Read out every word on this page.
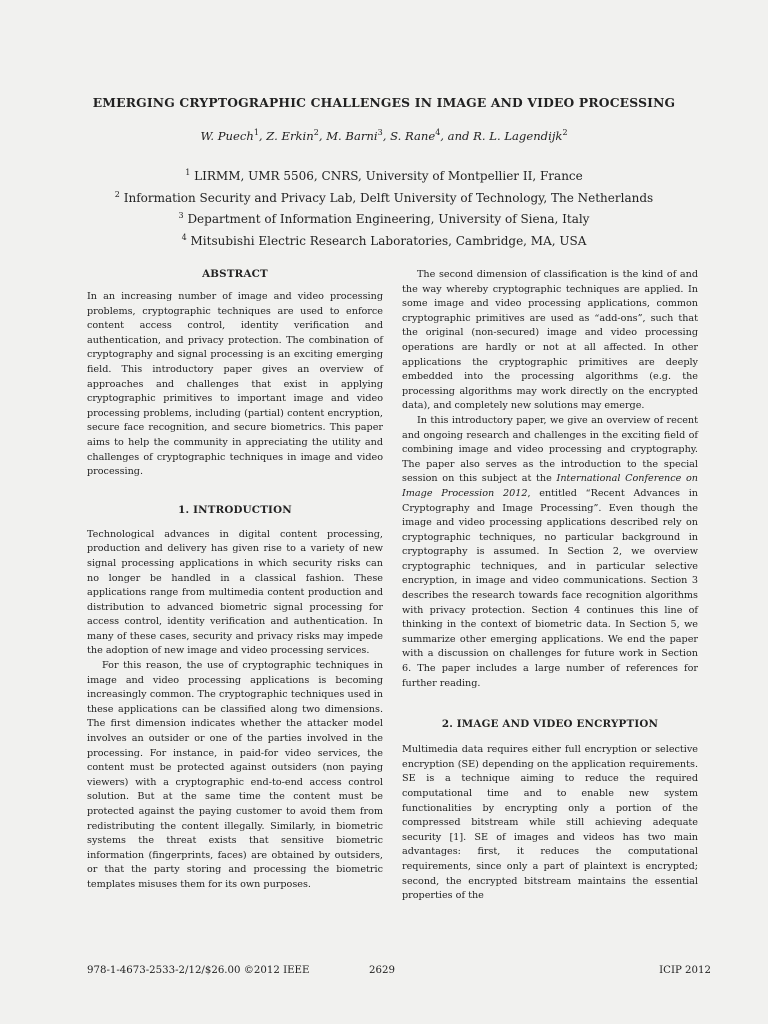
EMERGING CRYPTOGRAPHIC CHALLENGES IN IMAGE AND VIDEO PROCESSING
W. Puech$^1$, Z. Erkin$^2$, M. Barni$^3$, S. Rane$^4$, and R. L. Lagendijk$^2$
$^1$ LIRMM, UMR 5506, CNRS, University of Montpellier II, France
$^2$ Information Security and Privacy Lab, Delft University of Technology, The Netherlands
$^3$ Department of Information Engineering, University of Siena, Italy
$^4$ Mitsubishi Electric Research Laboratories, Cambridge, MA, USA
ABSTRACT

In an increasing number of image and video processing problems, cryptographic techniques are used to enforce content access control, identity verification and authentication, and privacy protection. The combination of cryptography and signal processing is an exciting emerging field. This introductory paper gives an overview of approaches and challenges that exist in applying cryptographic primitives to important image and video processing problems, including (partial) content encryption, secure face recognition, and secure biometrics. This paper aims to help the community in appreciating the utility and challenges of cryptographic techniques in image and video processing.

1. INTRODUCTION

Technological advances in digital content processing, production and delivery has given rise to a variety of new signal processing applications in which security risks can no longer be handled in a classical fashion. These applications range from multimedia content production and distribution to advanced biometric signal processing for access control, identity verification and authentication. In many of these cases, security and privacy risks may impede the adoption of new image and video processing services.

For this reason, the use of cryptographic techniques in image and video processing applications is becoming increasingly common. The cryptographic techniques used in these applications can be classified along two dimensions. The first dimension indicates whether the attacker model involves an outsider or one of the parties involved in the processing. For instance, in paid-for video services, the content must be protected against outsiders (non paying viewers) with a cryptographic end-to-end access control solution. But at the same time the content must be protected against the paying customer to avoid them from redistributing the content illegally. Similarly, in biometric systems the threat exists that sensitive biometric information (fingerprints, faces) are obtained by outsiders, or that the party storing and processing the biometric templates misuses them for its own purposes.

The second dimension of classification is the kind of and the way whereby cryptographic techniques are applied. In some image and video processing applications, common cryptographic primitives are used as “add-ons”, such that the original (non-secured) image and video processing operations are hardly or not at all affected. In other applications the cryptographic primitives are deeply embedded into the processing algorithms (e.g. the processing algorithms may work directly on the encrypted data), and completely new solutions may emerge.

In this introductory paper, we give an overview of recent and ongoing research and challenges in the exciting field of combining image and video processing and cryptography. The paper also serves as the introduction to the special session on this subject at the International Conference on Image Procession 2012, entitled “Recent Advances in Cryptography and Image Processing”. Even though the image and video processing applications described rely on cryptographic techniques, no particular background in cryptography is assumed. In Section 2, we overview cryptographic techniques, and in particular selective encryption, in image and video communications. Section 3 describes the research towards face recognition algorithms with privacy protection. Section 4 continues this line of thinking in the context of biometric data. In Section 5, we summarize other emerging applications. We end the paper with a discussion on challenges for future work in Section 6. The paper includes a large number of references for further reading.

2. IMAGE AND VIDEO ENCRYPTION

Multimedia data requires either full encryption or selective encryption (SE) depending on the application requirements. SE is a technique aiming to reduce the required computational time and to enable new system functionalities by encrypting only a portion of the compressed bitstream while still achieving adequate security [1]. SE of images and videos has two main advantages: first, it reduces the computational requirements, since only a part of plaintext is encrypted; second, the encrypted bitstream maintains the essential properties of the

978-1-4673-2533-2/12/$26.00 ©2012 IEEE	2629	ICIP 2012
